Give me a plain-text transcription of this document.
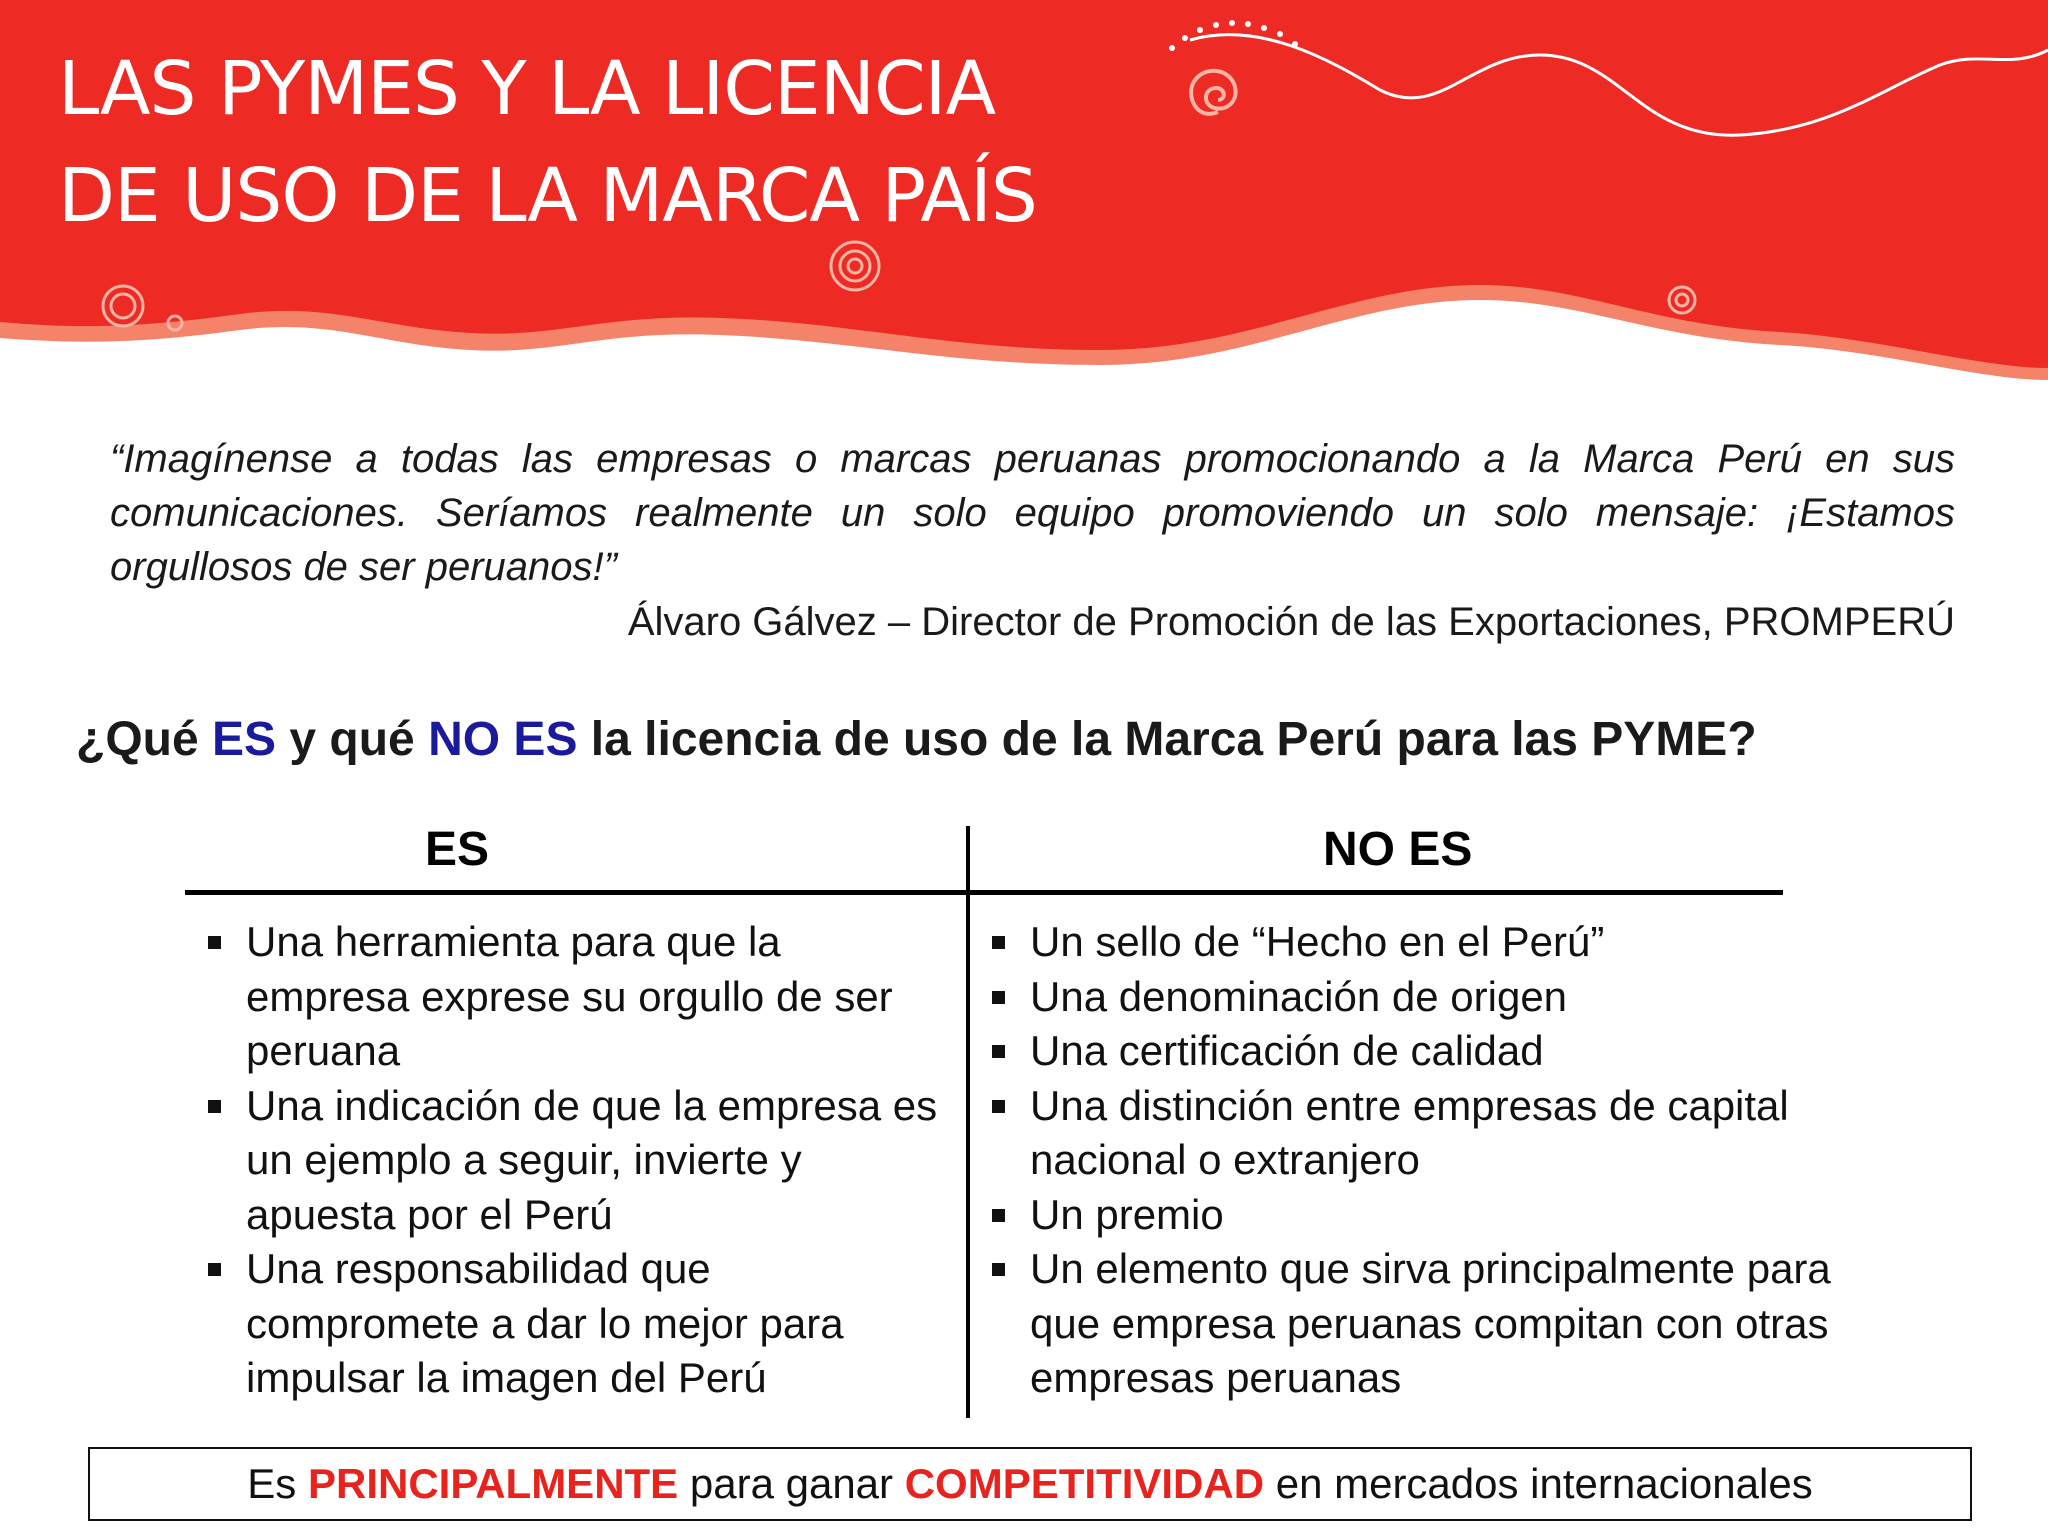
LAS PYMES Y LA LICENCIA
DE USO DE LA MARCA PAÍS

“Imagínense a todas las empresas o marcas peruanas promocionando a la Marca Perú en sus comunicaciones. Seríamos realmente un solo equipo promoviendo un solo mensaje: ¡Estamos orgullosos de ser peruanos!”

Álvaro Gálvez – Director de Promoción de las Exportaciones, PROMPERÚ
¿Qué ES y qué NO ES la licencia de uso de la Marca Perú para las PYME?
ES	NO ES
Una herramienta para que la empresa exprese su orgullo de ser peruana
Una indicación de que la empresa es un ejemplo a seguir, invierte y apuesta por el Perú
Una responsabilidad que compromete a dar lo mejor para impulsar la imagen del Perú
Un sello de “Hecho en el Perú”
Una denominación de origen
Una certificación de calidad
Una distinción entre empresas de capital nacional o extranjero
Un premio
Un elemento que sirva principalmente para que empresa peruanas compitan con otras empresas peruanas
Es PRINCIPALMENTE para ganar COMPETITIVIDAD en mercados internacionales
